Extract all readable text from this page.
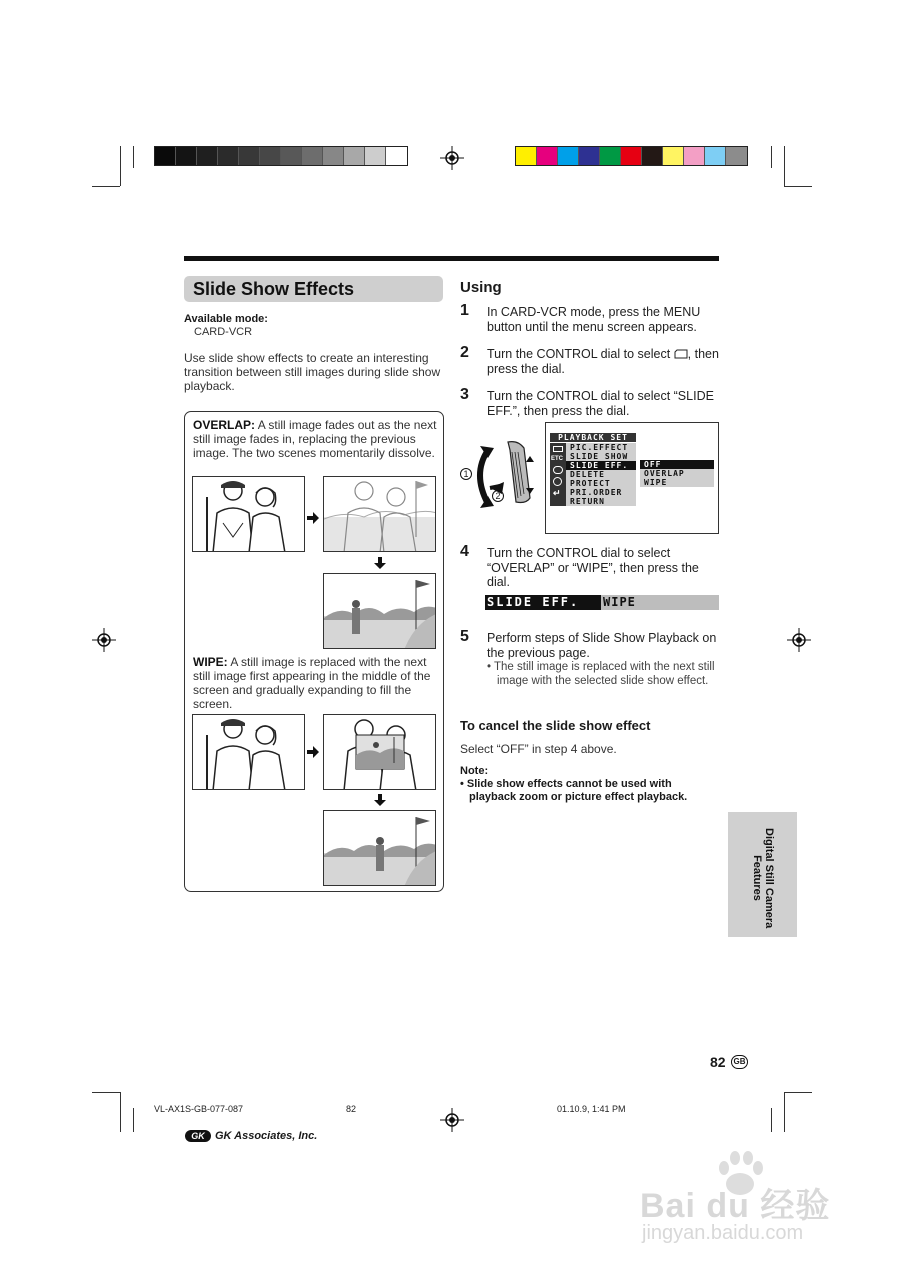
Slide Show Effects
Available mode:
CARD-VCR
Use slide show effects to create an interesting transition between still images during slide show playback.
OVERLAP: A still image fades out as the next still image fades in, replacing the previous image. The two scenes momentarily dissolve.
WIPE: A still image is replaced with the next still image first appearing in the middle of the screen and gradually expanding to fill the screen.
Using
1 In CARD-VCR mode, press the MENU button until the menu screen appears.
2 Turn the CONTROL dial to select , then press the dial.
3 Turn the CONTROL dial to select “SLIDE EFF.”, then press the dial.
1
2
PLAYBACK SET
ETC
↵
PIC.EFFECT
SLIDE SHOW
SLIDE EFF.
DELETE
PROTECT
PRI.ORDER
RETURN
OFF
OVERLAP
WIPE
4 Turn the CONTROL dial to select “OVERLAP” or “WIPE”, then press the dial.
SLIDE EFF.	WIPE
5 Perform steps of Slide Show Playback on the previous page.
• The still image is replaced with the next still image with the selected slide show effect.
To cancel the slide show effect
Select “OFF” in step 4 above.
Note:
• Slide show effects cannot be used with playback zoom or picture effect playback.
Digital Still Camera
Features
82 GB
VL-AX1S-GB-077-087	82	01.10.9, 1:41 PM
GK GK Associates, Inc.
Bai du 经验
jingyan.baidu.com
